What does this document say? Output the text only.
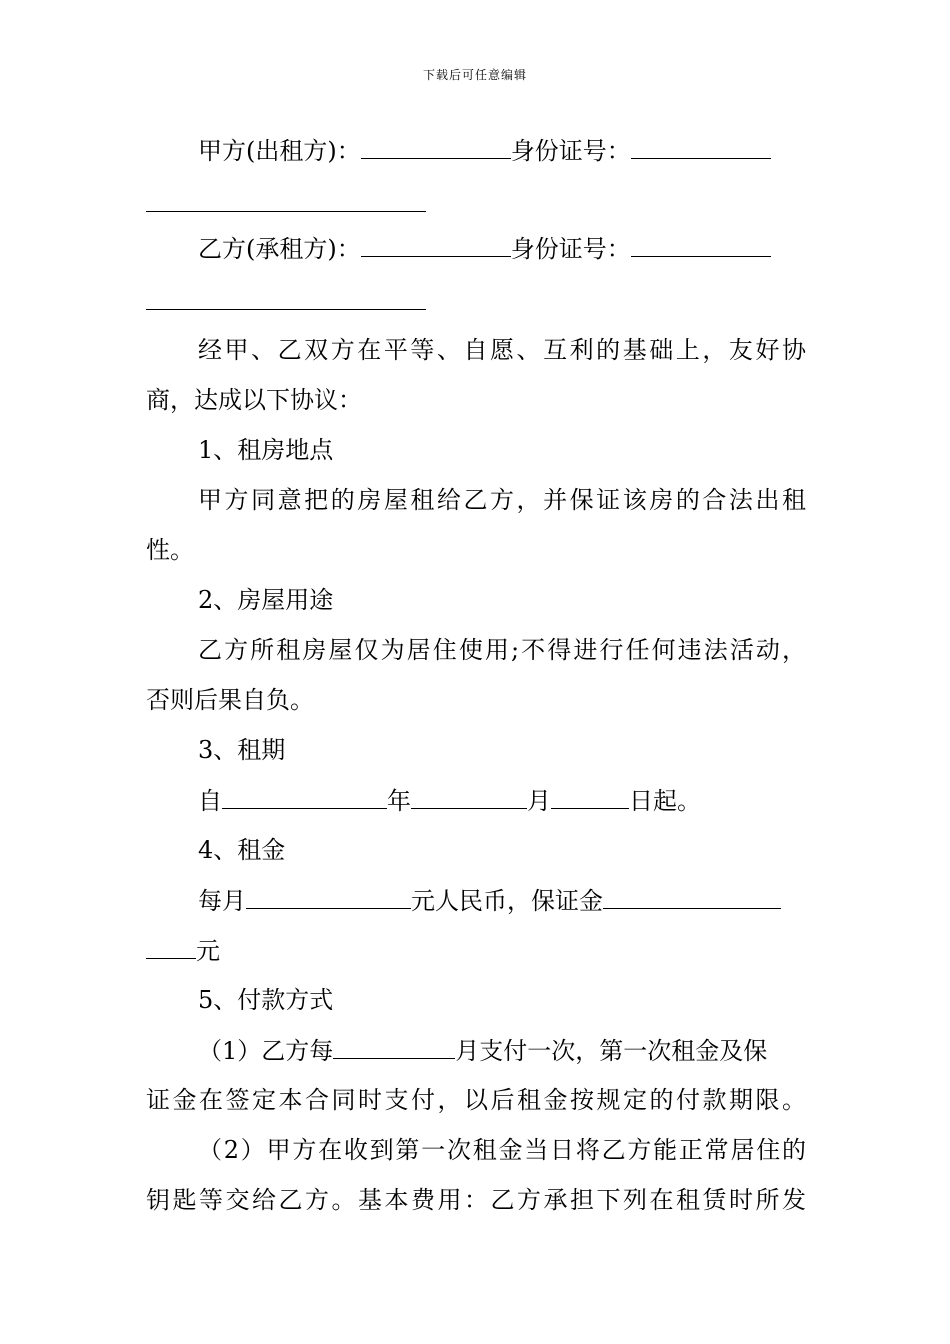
下载后可任意编辑
甲方(出租方)：	身份证号：
乙方(承租方)：	身份证号：
经甲、乙双方在平等、自愿、互利的基础上，友好协
商，达成以下协议：
1、租房地点
甲方同意把的房屋租给乙方，并保证该房的合法出租
性。
2、房屋用途
乙方所租房屋仅为居住使用;不得进行任何违法活动，
否则后果自负。
3、租期
自	年	月	日起。
4、租金
每月	元人民币，保证金
元
5、付款方式
（1）乙方每	月支付一次，第一次租金及保
证金在签定本合同时支付，以后租金按规定的付款期限。
（2）甲方在收到第一次租金当日将乙方能正常居住的
钥匙等交给乙方。基本费用：乙方承担下列在租赁时所发
